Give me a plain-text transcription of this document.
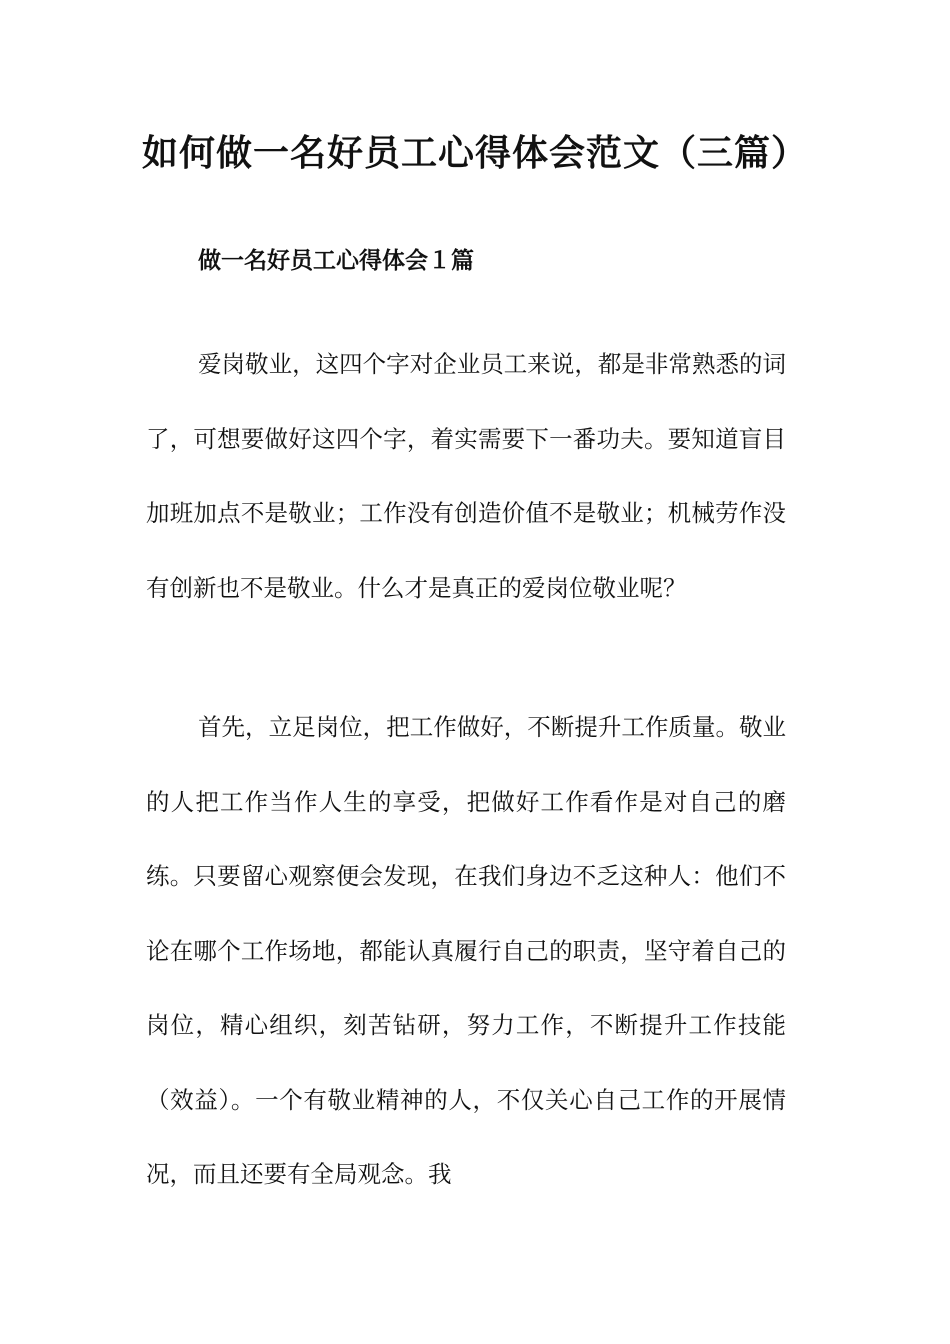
如何做一名好员工心得体会范文（三篇）
做一名好员工心得体会１篇

爱岗敬业，这四个字对企业员工来说，都是非常熟悉的词了，可想要做好这四个字，着实需要下一番功夫。要知道盲目加班加点不是敬业；工作没有创造价值不是敬业；机械劳作没有创新也不是敬业。什么才是真正的爱岗位敬业呢？

首先，立足岗位，把工作做好，不断提升工作质量。敬业的人把工作当作人生的享受，把做好工作看作是对自己的磨练。只要留心观察便会发现，在我们身边不乏这种人：他们不论在哪个工作场地，都能认真履行自己的职责，坚守着自己的岗位，精心组织，刻苦钻研，努力工作，不断提升工作技能（效益）。一个有敬业精神的人，不仅关心自己工作的开展情况，而且还要有全局观念。我
